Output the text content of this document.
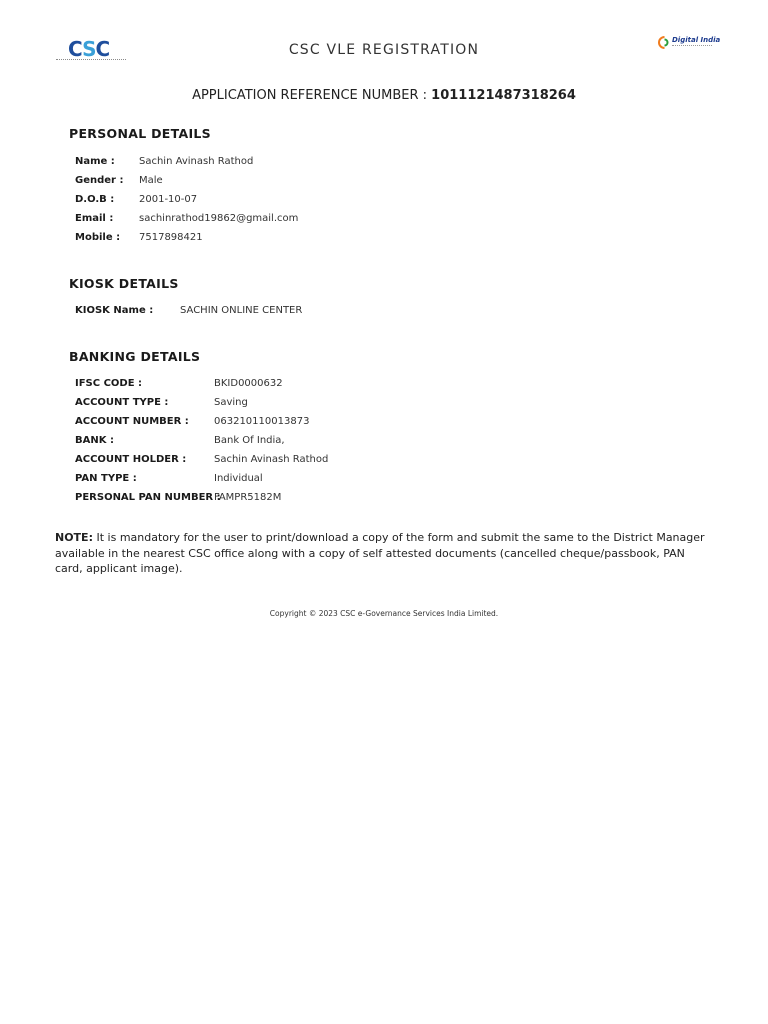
CSC	CSC VLE REGISTRATION
Digital India
APPLICATION REFERENCE NUMBER : 1011121487318264
PERSONAL DETAILS
Name : Sachin Avinash Rathod
Gender : Male
D.O.B : 2001-10-07
Email :	sachinrathod19862@gmail.com
Mobile : 7517898421
KIOSK DETAILS
KIOSK Name :	SACHIN ONLINE CENTER
BANKING DETAILS
IFSC CODE :	BKID0000632
ACCOUNT TYPE :	Saving
ACCOUNT NUMBER :	063210110013873
BANK :	Bank Of India,
ACCOUNT HOLDER :	Sachin Avinash Rathod
PAN TYPE :	Individual
PERSONAL PAN NUMBER :
FAMPR5182M
NOTE: It is mandatory for the user to print/download a copy of the form and submit the same to the District Manager available in the nearest CSC office along with a copy of self attested documents (cancelled cheque/passbook, PAN card, applicant image).
Copyright © 2023 CSC e-Governance Services India Limited.
